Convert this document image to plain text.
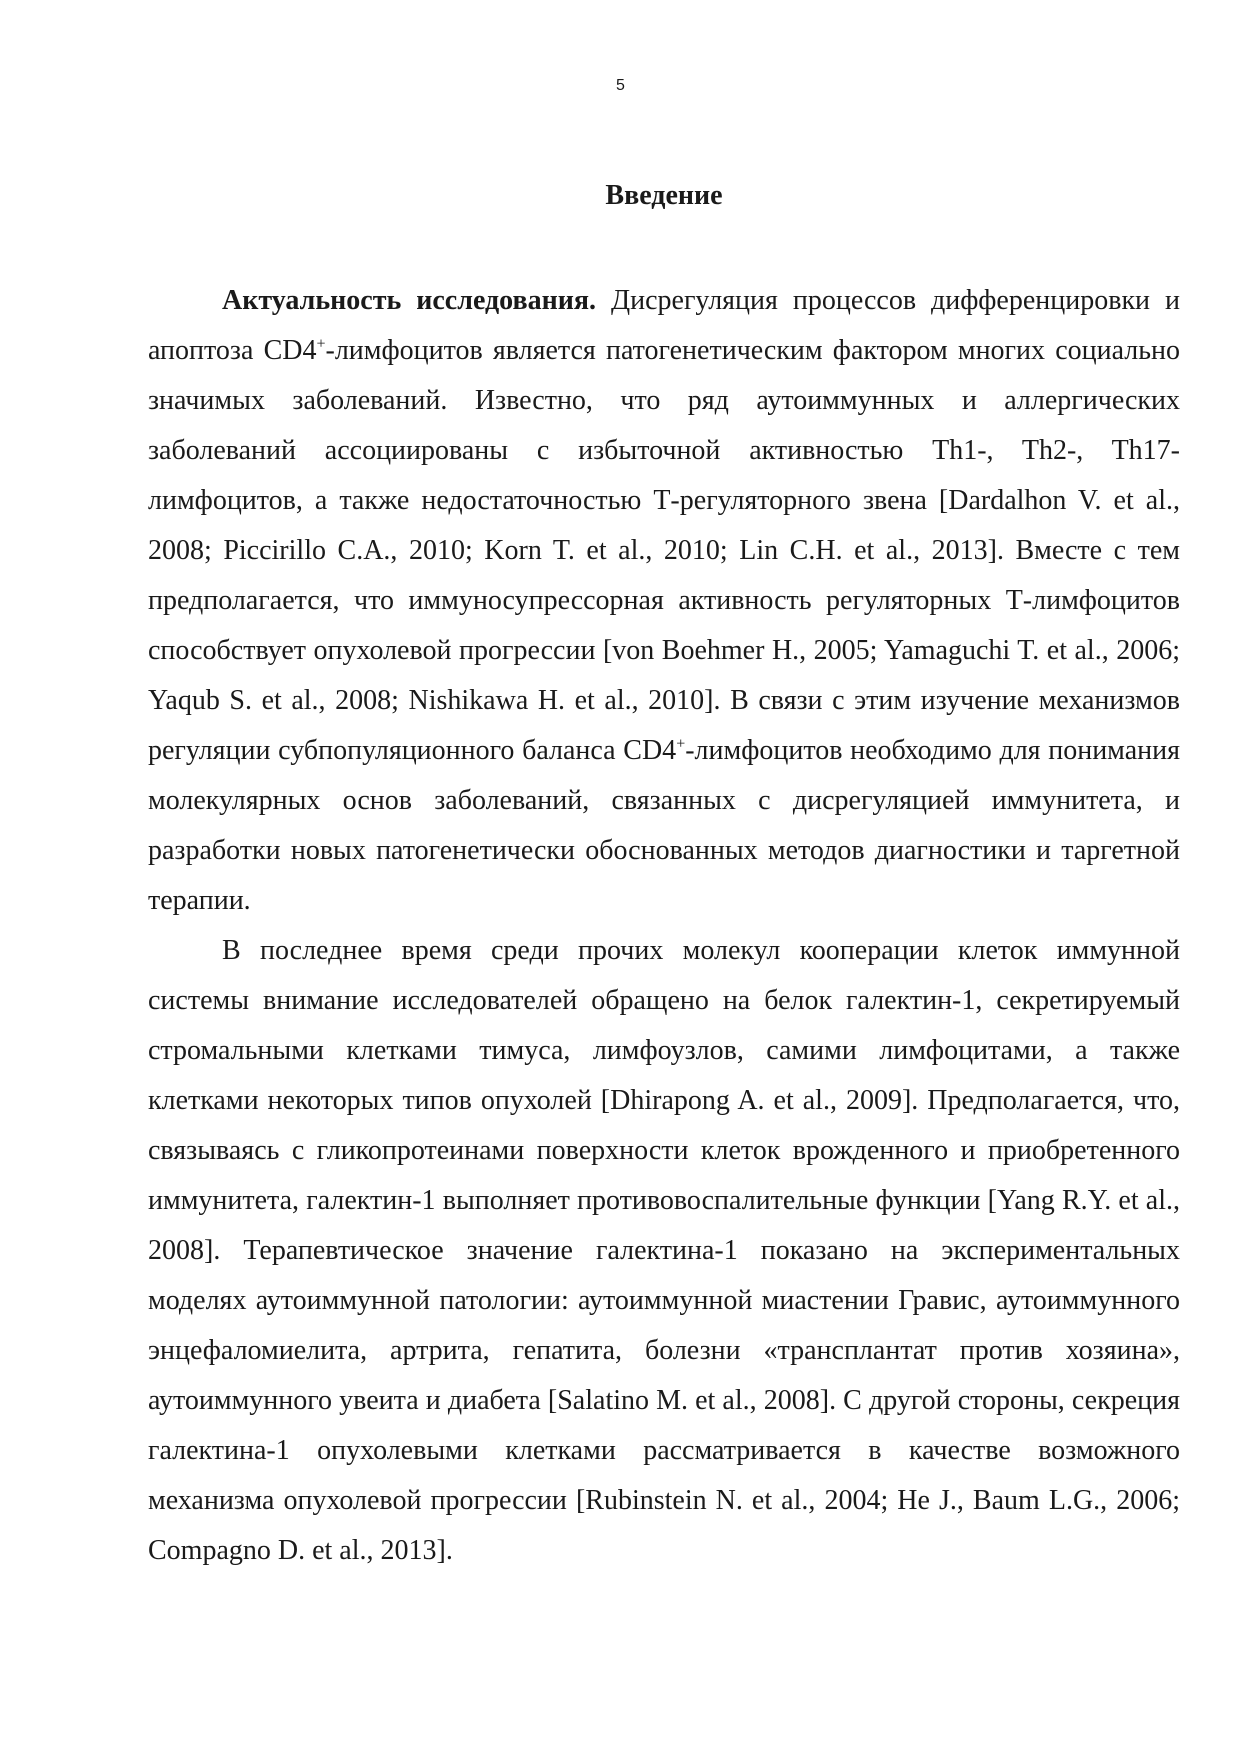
5
Введение

Актуальность исследования. Дисрегуляция процессов дифференцировки и апоптоза CD4+-лимфоцитов является патогенетическим фактором многих социально значимых заболеваний. Известно, что ряд аутоиммунных и аллергических заболеваний ассоциированы с избыточной активностью Th1-, Th2-, Th17-лимфоцитов, а также недостаточностью Т-регуляторного звена [Dardalhon V. et al., 2008; Piccirillo C.A., 2010; Korn T. et al., 2010; Lin C.H. et al., 2013]. Вместе с тем предполагается, что иммуносупрессорная активность регуляторных Т-лимфоцитов способствует опухолевой прогрессии [von Boehmer H., 2005; Yamaguchi T. et al., 2006; Yaqub S. et al., 2008; Nishikawa H. et al., 2010]. В связи с этим изучение механизмов регуляции субпопуляционного баланса CD4+-лимфоцитов необходимо для понимания молекулярных основ заболеваний, связанных с дисрегуляцией иммунитета, и разработки новых патогенетически обоснованных методов диагностики и таргетной терапии.

В последнее время среди прочих молекул кооперации клеток иммунной системы внимание исследователей обращено на белок галектин-1, секретируемый стромальными клетками тимуса, лимфоузлов, самими лимфоцитами, а также клетками некоторых типов опухолей [Dhirapong A. et al., 2009]. Предполагается, что, связываясь с гликопротеинами поверхности клеток врожденного и приобретенного иммунитета, галектин-1 выполняет противовоспалительные функции [Yang R.Y. et al., 2008]. Терапевтическое значение галектина-1 показано на экспериментальных моделях аутоиммунной патологии: аутоиммунной миастении Гравис, аутоиммунного энцефаломиелита, артрита, гепатита, болезни «трансплантат против хозяина», аутоиммунного увеита и диабета [Salatino M. et al., 2008]. С другой стороны, секреция галектина-1 опухолевыми клетками рассматривается в качестве возможного механизма опухолевой прогрессии [Rubinstein N. et al., 2004; He J., Baum L.G., 2006; Compagno D. et al., 2013].
